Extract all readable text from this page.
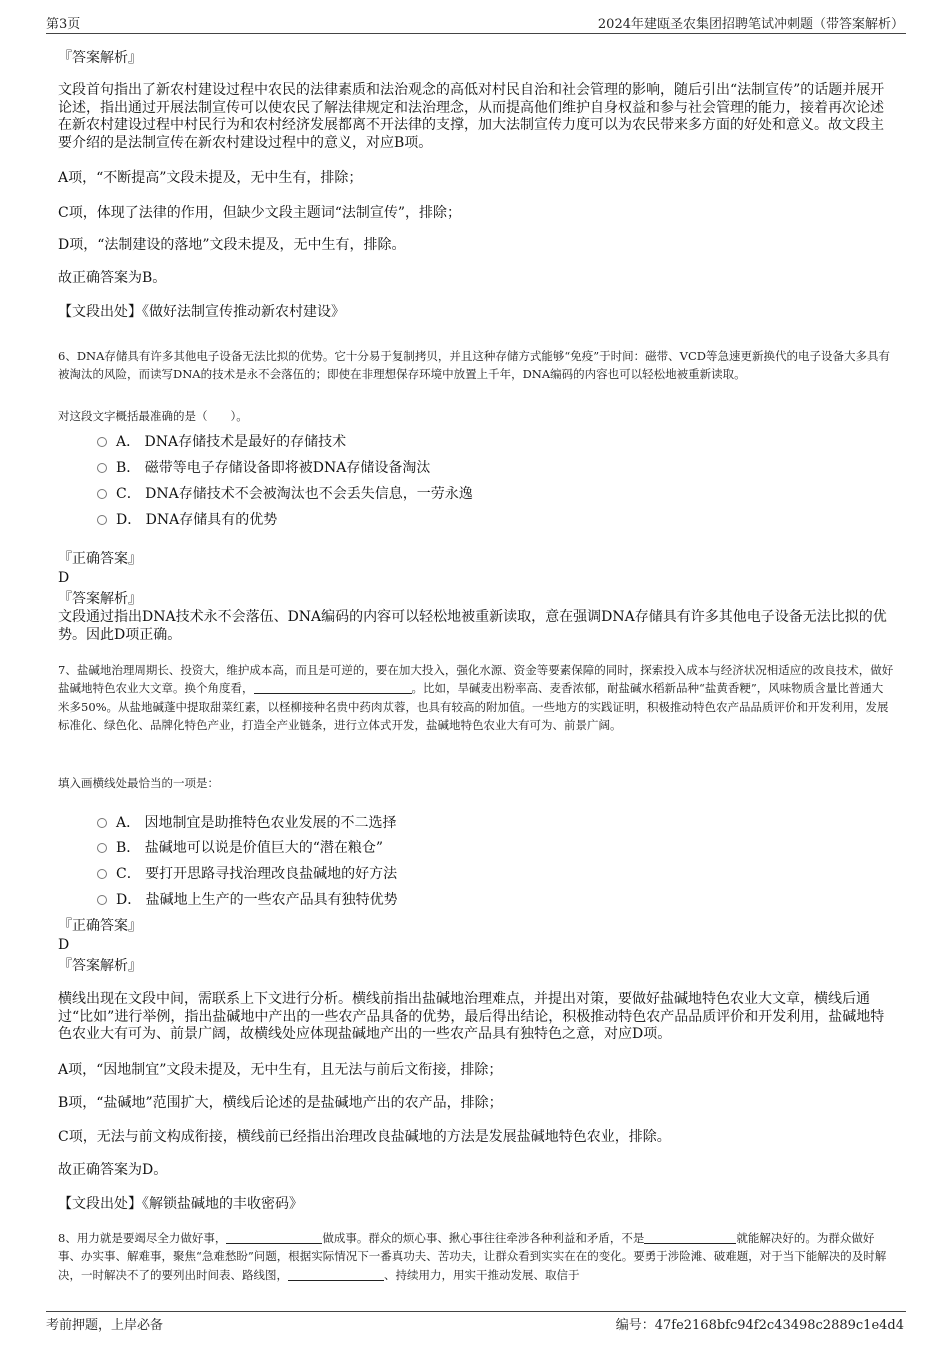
第3页	2024年建瓯圣农集团招聘笔试冲刺题（带答案解析）
『答案解析』
文段首句指出了新农村建设过程中农民的法律素质和法治观念的高低对村民自治和社会管理的影响，随后引出“法制宣传”的话题并展开论述，指出通过开展法制宣传可以使农民了解法律规定和法治理念，从而提高他们维护自身权益和参与社会管理的能力，接着再次论述在新农村建设过程中村民行为和农村经济发展都离不开法律的支撑，加大法制宣传力度可以为农民带来多方面的好处和意义。故文段主要介绍的是法制宣传在新农村建设过程中的意义，对应B项。
A项，“不断提高”文段未提及，无中生有，排除；
C项，体现了法律的作用，但缺少文段主题词“法制宣传”，排除；
D项，“法制建设的落地”文段未提及，无中生有，排除。
故正确答案为B。
【文段出处】《做好法制宣传推动新农村建设》
6、DNA存储具有许多其他电子设备无法比拟的优势。它十分易于复制拷贝，并且这种存储方式能够“免疫”于时间：磁带、VCD等急速更新换代的电子设备大多具有被淘汰的风险，而读写DNA的技术是永不会落伍的；即使在非理想保存环境中放置上千年，DNA编码的内容也可以轻松地被重新读取。
对这段文字概括最准确的是（　　）。
A． DNA存储技术是最好的存储技术
B． 磁带等电子存储设备即将被DNA存储设备淘汰
C． DNA存储技术不会被淘汰也不会丢失信息，一劳永逸
D． DNA存储具有的优势
『正确答案』
D
『答案解析』
文段通过指出DNA技术永不会落伍、DNA编码的内容可以轻松地被重新读取，意在强调DNA存储具有许多其他电子设备无法比拟的优势。因此D项正确。
7、盐碱地治理周期长、投资大，维护成本高，而且是可逆的，要在加大投入，强化水源、资金等要素保障的同时，探索投入成本与经济状况相适应的改良技术，做好盐碱地特色农业大文章。换个角度看，	。比如，旱碱麦出粉率高、麦香浓郁，耐盐碱水稻新品种“盐黄香粳”，风味物质含量比普通大米多50%。从盐地碱蓬中提取甜菜红素，以柽柳接种名贵中药肉苁蓉，也具有较高的附加值。一些地方的实践证明，积极推动特色农产品品质评价和开发利用，发展标准化、绿色化、品牌化特色产业，打造全产业链条，进行立体式开发，盐碱地特色农业大有可为、前景广阔。
填入画横线处最恰当的一项是：
A． 因地制宜是助推特色农业发展的不二选择
B． 盐碱地可以说是价值巨大的“潜在粮仓”
C． 要打开思路寻找治理改良盐碱地的好方法
D． 盐碱地上生产的一些农产品具有独特优势
『正确答案』
D
『答案解析』
横线出现在文段中间，需联系上下文进行分析。横线前指出盐碱地治理难点，并提出对策，要做好盐碱地特色农业大文章，横线后通过“比如”进行举例，指出盐碱地中产出的一些农产品具备的优势，最后得出结论，积极推动特色农产品品质评价和开发利用，盐碱地特色农业大有可为、前景广阔，故横线处应体现盐碱地产出的一些农产品具有独特色之意，对应D项。
A项，“因地制宜”文段未提及，无中生有，且无法与前后文衔接，排除；
B项，“盐碱地”范围扩大，横线后论述的是盐碱地产出的农产品，排除；
C项，无法与前文构成衔接，横线前已经指出治理改良盐碱地的方法是发展盐碱地特色农业，排除。
故正确答案为D。
【文段出处】《解锁盐碱地的丰收密码》
8、用力就是要竭尽全力做好事，	做成事。群众的烦心事、揪心事往往牵涉各种利益和矛盾，不是	就能解决好的。为群众做好事、办实事、解难事，聚焦“急难愁盼”问题，根据实际情况下一番真功夫、苦功夫，让群众看到实实在在的变化。要勇于涉险滩、破难题，对于当下能解决的及时解决，一时解决不了的要列出时间表、路线图，	、持续用力，用实干推动发展、取信于
考前押题，上岸必备	编号：47fe2168bfc94f2c43498c2889c1e4d4
